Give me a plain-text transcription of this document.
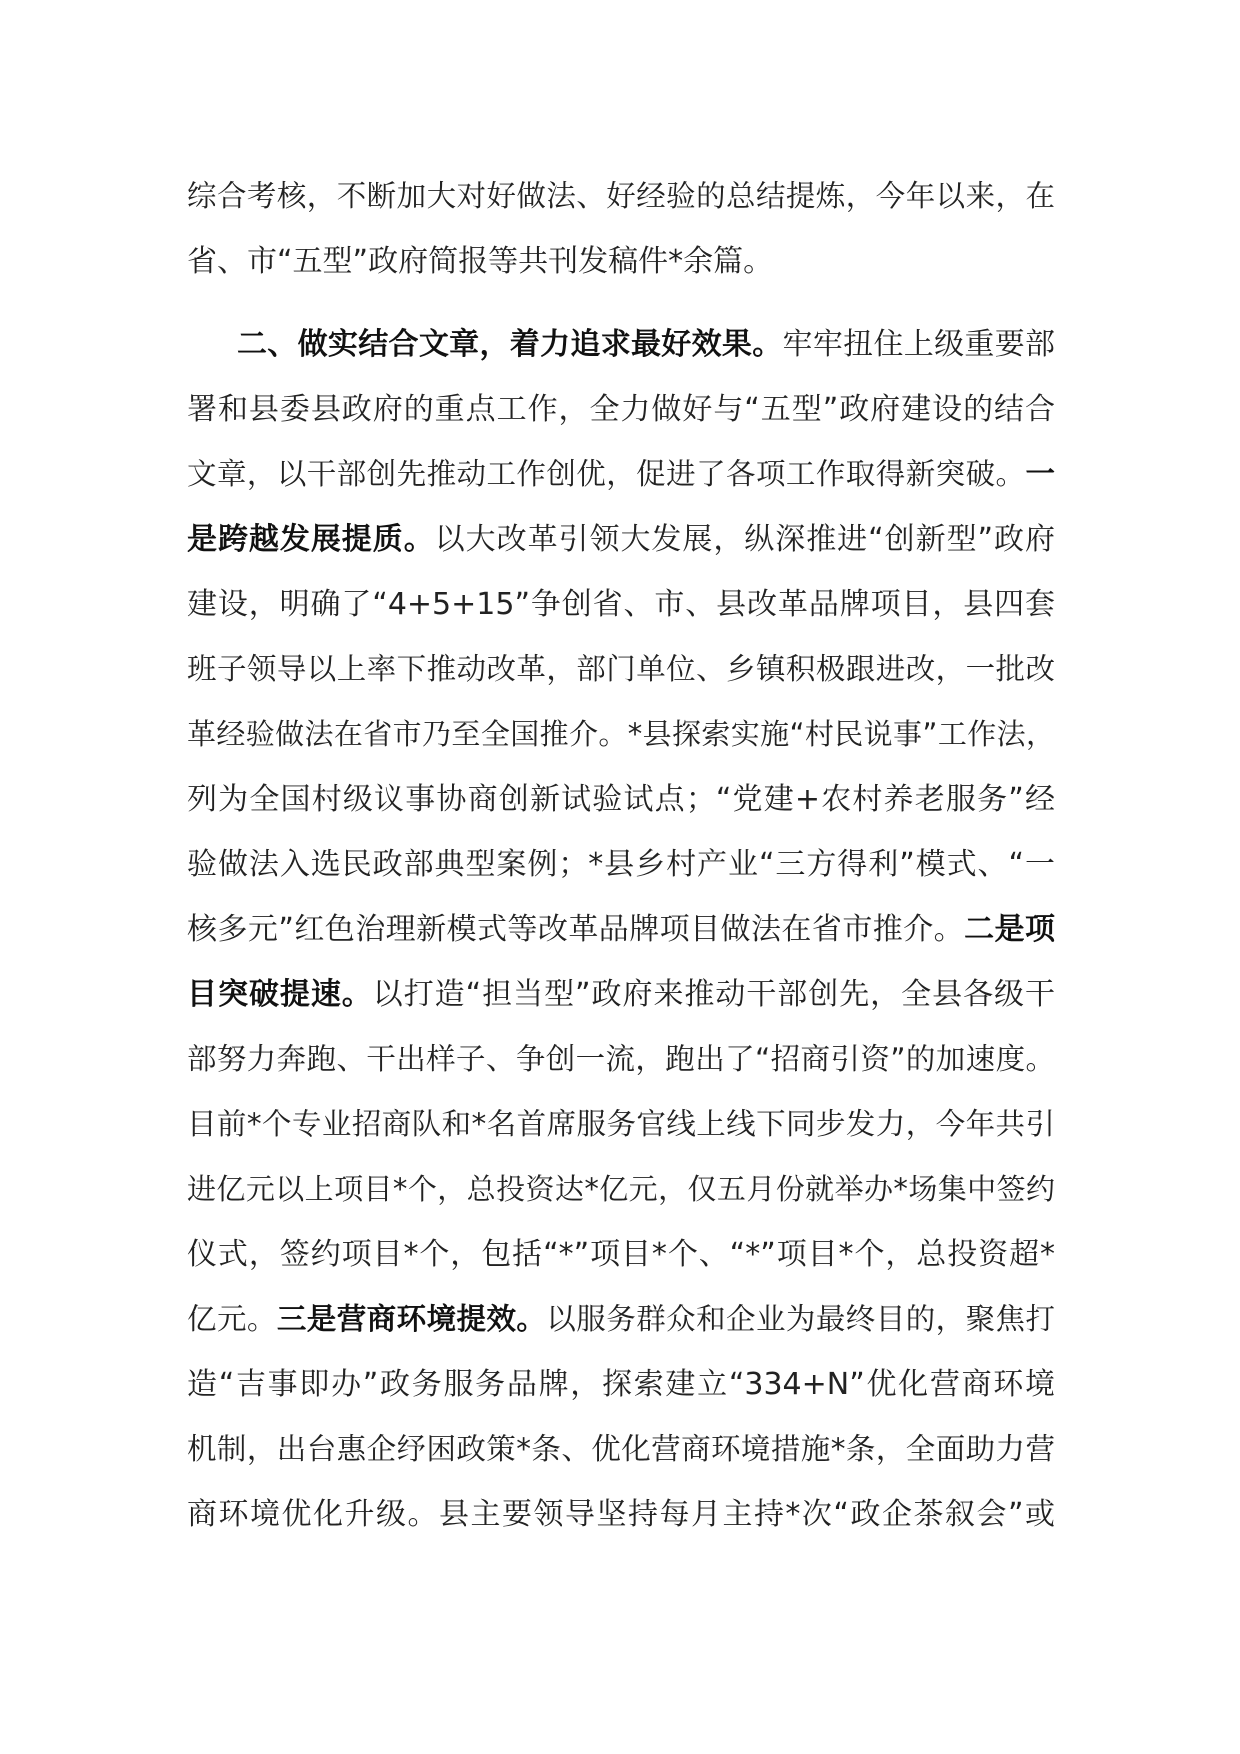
综合考核，不断加大对好做法、好经验的总结提炼，今年以来，在
省、市“五型”政府简报等共刊发稿件*余篇。
二、做实结合文章，着力追求最好效果。牢牢扭住上级重要部
署和县委县政府的重点工作，全力做好与“五型”政府建设的结合
文章，以干部创先推动工作创优，促进了各项工作取得新突破。一
是跨越发展提质。以大改革引领大发展，纵深推进“创新型”政府
建设，明确了“4+5+15”争创省、市、县改革品牌项目，县四套
班子领导以上率下推动改革，部门单位、乡镇积极跟进改，一批改
革经验做法在省市乃至全国推介。*县探索实施“村民说事”工作法，
列为全国村级议事协商创新试验试点；“党建+农村养老服务”经
验做法入选民政部典型案例；*县乡村产业“三方得利”模式、“一
核多元”红色治理新模式等改革品牌项目做法在省市推介。二是项
目突破提速。以打造“担当型”政府来推动干部创先，全县各级干
部努力奔跑、干出样子、争创一流，跑出了“招商引资”的加速度。
目前*个专业招商队和*名首席服务官线上线下同步发力，今年共引
进亿元以上项目*个，总投资达*亿元，仅五月份就举办*场集中签约
仪式，签约项目*个，包括“*”项目*个、“*”项目*个，总投资超*
亿元。三是营商环境提效。以服务群众和企业为最终目的，聚焦打
造“吉事即办”政务服务品牌，探索建立“334+N”优化营商环境
机制，出台惠企纾困政策*条、优化营商环境措施*条，全面助力营
商环境优化升级。县主要领导坚持每月主持*次“政企茶叙会”或
